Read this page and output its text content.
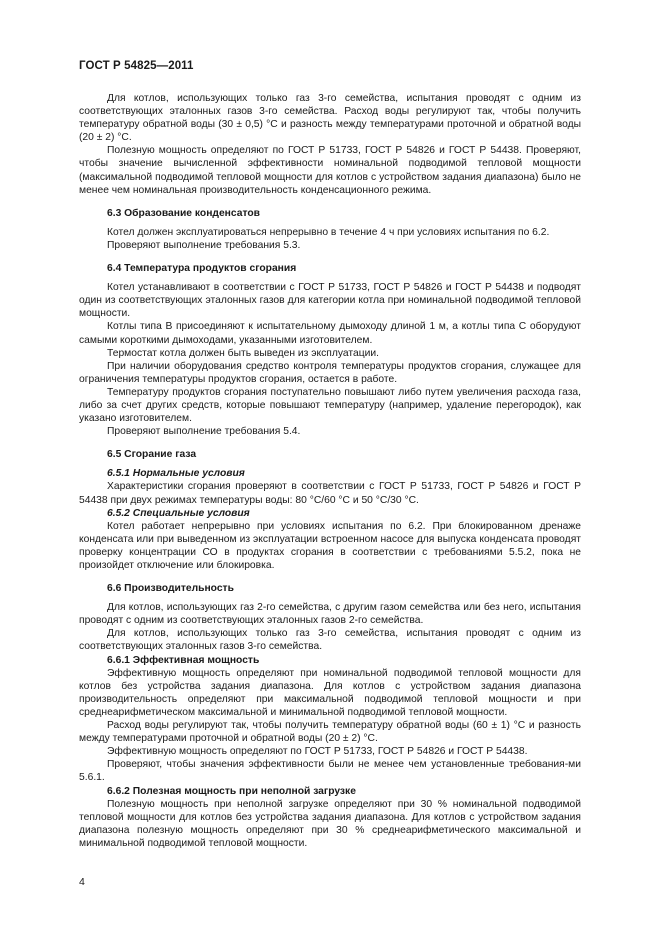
ГОСТ Р 54825—2011

Для котлов, использующих только газ 3-го семейства, испытания проводят с одним из соответствующих эталонных газов 3-го семейства. Расход воды регулируют так, чтобы получить температуру обратной воды (30 ± 0,5) °С и разность между температурами проточной и обратной воды (20 ± 2) °С.

Полезную мощность определяют по ГОСТ Р 51733, ГОСТ Р 54826 и ГОСТ Р 54438. Проверяют, чтобы значение вычисленной эффективности номинальной подводимой тепловой мощности (максимальной подводимой тепловой мощности для котлов с устройством задания диапазона) было не менее чем номинальная производительность конденсационного режима.

6.3 Образование конденсатов

Котел должен эксплуатироваться непрерывно в течение 4 ч при условиях испытания по 6.2.

Проверяют выполнение требования 5.3.

6.4 Температура продуктов сгорания

Котел устанавливают в соответствии с ГОСТ Р 51733, ГОСТ Р 54826 и ГОСТ Р 54438 и подводят один из соответствующих эталонных газов для категории котла при номинальной подводимой тепловой мощности.

Котлы типа В присоединяют к испытательному дымоходу длиной 1 м, а котлы типа С оборудуют самыми короткими дымоходами, указанными изготовителем.

Термостат котла должен быть выведен из эксплуатации.

При наличии оборудования средство контроля температуры продуктов сгорания, служащее для ограничения температуры продуктов сгорания, остается в работе.

Температуру продуктов сгорания поступательно повышают либо путем увеличения расхода газа, либо за счет других средств, которые повышают температуру (например, удаление перегородок), как указано изготовителем.

Проверяют выполнение требования 5.4.

6.5 Сгорание газа
6.5.1 Нормальные условия

Характеристики сгорания проверяют в соответствии с ГОСТ Р 51733, ГОСТ Р 54826 и ГОСТ Р 54438 при двух режимах температуры воды: 80 °С/60 °С и 50 °С/30 °С.

6.5.2 Специальные условия

Котел работает непрерывно при условиях испытания по 6.2. При блокированном дренаже конденсата или при выведенном из эксплуатации встроенном насосе для выпуска конденсата проводят проверку концентрации СО в продуктах сгорания в соответствии с требованиями 5.5.2, пока не произойдет отключение или блокировка.

6.6 Производительность

Для котлов, использующих газ 2-го семейства, с другим газом семейства или без него, испытания проводят с одним из соответствующих эталонных газов 2-го семейства.

Для котлов, использующих только газ 3-го семейства, испытания проводят с одним из соответствующих эталонных газов 3-го семейства.

6.6.1 Эффективная мощность

Эффективную мощность определяют при номинальной подводимой тепловой мощности для котлов без устройства задания диапазона. Для котлов с устройством задания диапазона производительность определяют при максимальной подводимой тепловой мощности и при среднеарифметическом максимальной и минимальной подводимой тепловой мощности.

Расход воды регулируют так, чтобы получить температуру обратной воды (60 ± 1) °С и разность между температурами проточной и обратной воды (20 ± 2) °С.

Эффективную мощность определяют по ГОСТ Р 51733, ГОСТ Р 54826 и ГОСТ Р 54438.

Проверяют, чтобы значения эффективности были не менее чем установленные требования-ми 5.6.1.

6.6.2 Полезная мощность при неполной загрузке

Полезную мощность при неполной загрузке определяют при 30 % номинальной подводимой тепловой мощности для котлов без устройства задания диапазона. Для котлов с устройством задания диапазона полезную мощность определяют при 30 % среднеарифметического максимальной и минимальной подводимой тепловой мощности.

4
